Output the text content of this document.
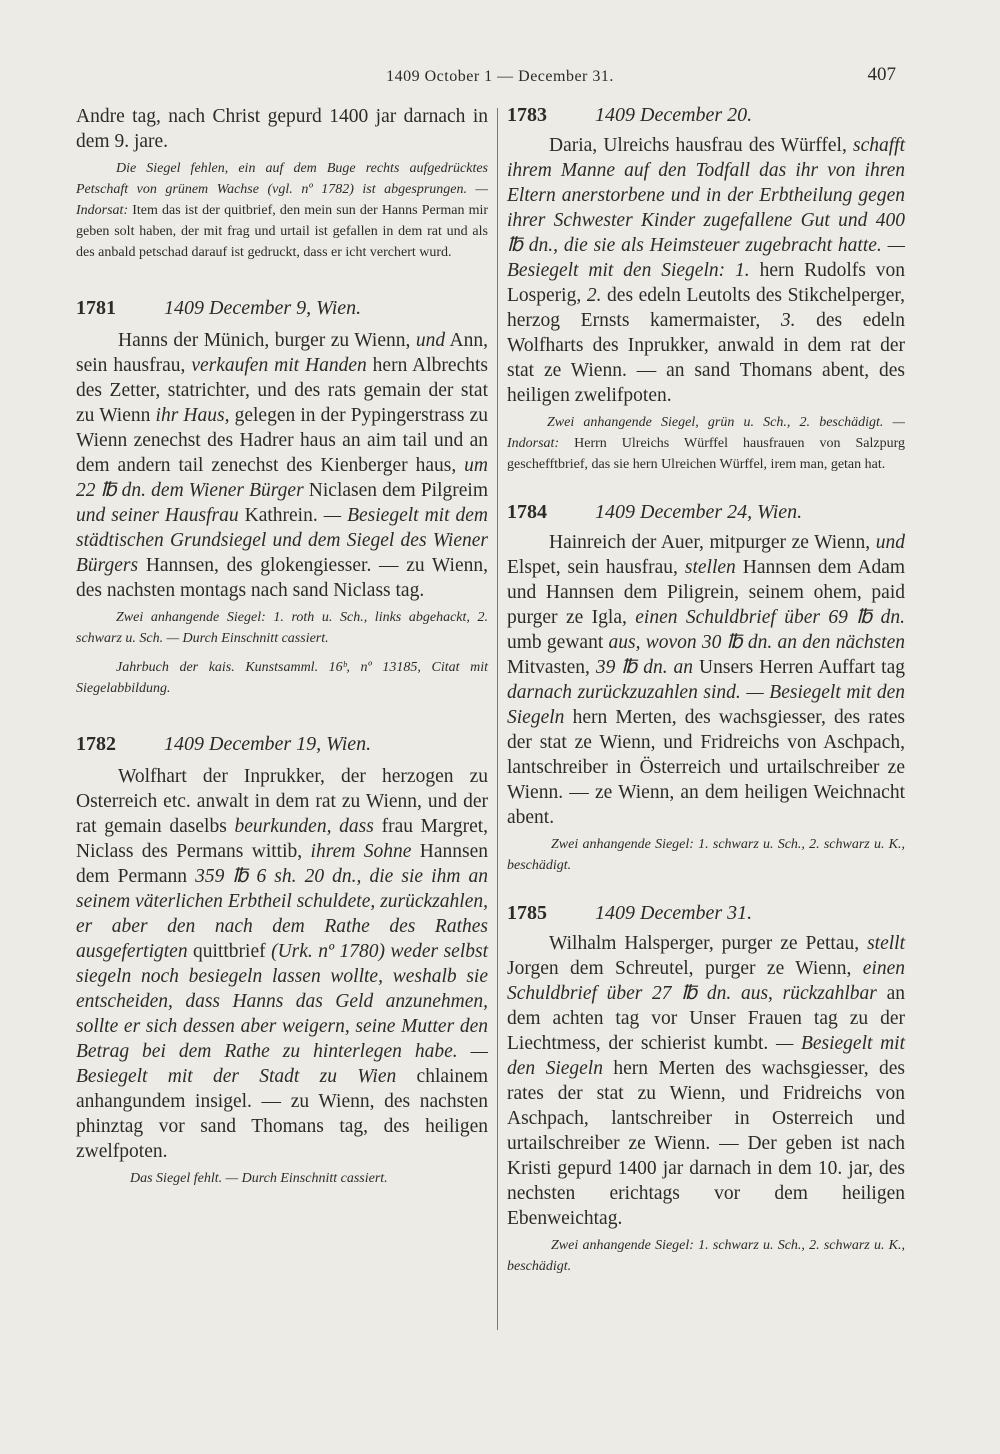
1409 October 1 — December 31.	407

Andre tag, nach Christ gepurd 1400 jar darnach in dem 9. jare.

Die Siegel fehlen, ein auf dem Buge rechts aufgedrücktes Petschaft von grünem Wachse (vgl. nº 1782) ist abgesprungen. — Indorsat: Item das ist der quitbrief, den mein sun der Hanns Perman mir geben solt haben, der mit frag und urtail ist gefallen in dem rat und als des anbald petschad darauf ist gedruckt, dass er icht verchert wurd.

1781	1409 December 9, Wien.

Hanns der Münich, burger zu Wienn, und Ann, sein hausfrau, verkaufen mit Handen hern Albrechts des Zetter, statrichter, und des rats gemain der stat zu Wienn ihr Haus, gelegen in der Pypingerstrass zu Wienn zenechst des Hadrer haus an aim tail und an dem andern tail zenechst des Kienberger haus, um 22 ℔ dn. dem Wiener Bürger Niclasen dem Pilgreim und seiner Hausfrau Kathrein. — Besiegelt mit dem städtischen Grundsiegel und dem Siegel des Wiener Bürgers Hannsen, des glokengiesser. — zu Wienn, des nachsten montags nach sand Niclass tag.

Zwei anhangende Siegel: 1. roth u. Sch., links abgehackt, 2. schwarz u. Sch. — Durch Einschnitt cassiert.

Jahrbuch der kais. Kunstsamml. 16ᵇ, nº 13185, Citat mit Siegelabbildung.

1782	1409 December 19, Wien.

Wolfhart der Inprukker, der herzogen zu Osterreich etc. anwalt in dem rat zu Wienn, und der rat gemain daselbs beurkunden, dass frau Margret, Niclass des Permans wittib, ihrem Sohne Hannsen dem Permann 359 ℔ 6 sh. 20 dn., die sie ihm an seinem väterlichen Erbtheil schuldete, zurückzahlen, er aber den nach dem Rathe des Rathes ausgefertigten quittbrief (Urk. nº 1780) weder selbst siegeln noch besiegeln lassen wollte, weshalb sie entscheiden, dass Hanns das Geld anzunehmen, sollte er sich dessen aber weigern, seine Mutter den Betrag bei dem Rathe zu hinterlegen habe. — Besiegelt mit der Stadt zu Wien chlainem anhangundem insigel. — zu Wienn, des nachsten phinztag vor sand Thomans tag, des heiligen zwelfpoten.

Das Siegel fehlt. — Durch Einschnitt cassiert.

1783	1409 December 20.

Daria, Ulreichs hausfrau des Würffel, schafft ihrem Manne auf den Todfall das ihr von ihren Eltern anerstorbene und in der Erbtheilung gegen ihrer Schwester Kinder zugefallene Gut und 400 ℔ dn., die sie als Heimsteuer zugebracht hatte. — Besiegelt mit den Siegeln: 1. hern Rudolfs von Losperig, 2. des edeln Leutolts des Stikchelperger, herzog Ernsts kamermaister, 3. des edeln Wolfharts des Inprukker, anwald in dem rat der stat ze Wienn. — an sand Thomans abent, des heiligen zwelifpoten.

Zwei anhangende Siegel, grün u. Sch., 2. beschädigt. — Indorsat: Herrn Ulreichs Würffel hausfrauen von Salzpurg geschefftbrief, das sie hern Ulreichen Würffel, irem man, getan hat.

1784	1409 December 24, Wien.

Hainreich der Auer, mitpurger ze Wienn, und Elspet, sein hausfrau, stellen Hannsen dem Adam und Hannsen dem Piligrein, seinem ohem, paid purger ze Igla, einen Schuldbrief über 69 ℔ dn. umb gewant aus, wovon 30 ℔ dn. an den nächsten Mitvasten, 39 ℔ dn. an Unsers Herren Auffart tag darnach zurückzuzahlen sind. — Besiegelt mit den Siegeln hern Merten, des wachsgiesser, des rates der stat ze Wienn, und Fridreichs von Aschpach, lantschreiber in Österreich und urtailschreiber ze Wienn. — ze Wienn, an dem heiligen Weichnacht abent.

Zwei anhangende Siegel: 1. schwarz u. Sch., 2. schwarz u. K., beschädigt.

1785	1409 December 31.

Wilhalm Halsperger, purger ze Pettau, stellt Jorgen dem Schreutel, purger ze Wienn, einen Schuldbrief über 27 ℔ dn. aus, rückzahlbar an dem achten tag vor Unser Frauen tag zu der Liechtmess, der schierist kumbt. — Besiegelt mit den Siegeln hern Merten des wachsgiesser, des rates der stat zu Wienn, und Fridreichs von Aschpach, lantschreiber in Osterreich und urtailschreiber ze Wienn. — Der geben ist nach Kristi gepurd 1400 jar darnach in dem 10. jar, des nechsten erichtags vor dem heiligen Ebenweichtag.

Zwei anhangende Siegel: 1. schwarz u. Sch., 2. schwarz u. K., beschädigt.
